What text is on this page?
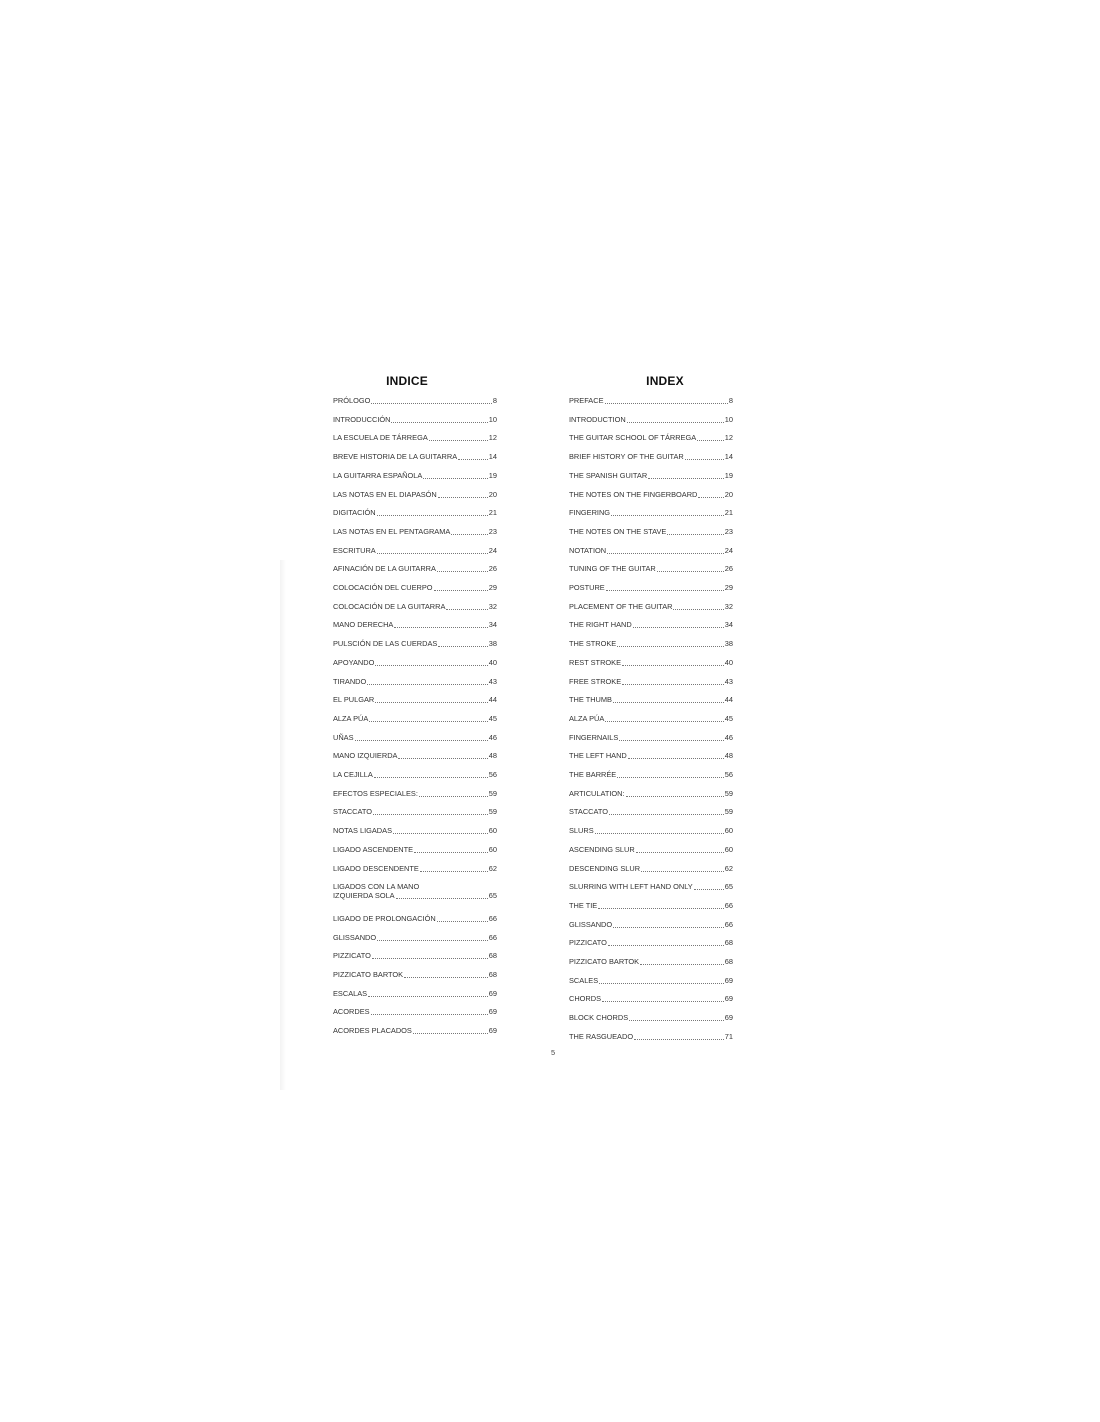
INDICE
PRÓLOGO	8
INTRODUCCIÓN	10
LA ESCUELA DE TÁRREGA	12
BREVE HISTORIA DE LA GUITARRA	14
LA GUITARRA ESPAÑOLA	19
LAS NOTAS EN EL DIAPASÓN	20
DIGITACIÓN	21
LAS NOTAS EN EL PENTAGRAMA	23
ESCRITURA	24
AFINACIÓN DE LA GUITARRA	26
COLOCACIÓN DEL CUERPO	29
COLOCACIÓN DE LA GUITARRA	32
MANO DERECHA	34
PULSCIÓN DE LAS CUERDAS	38
APOYANDO	40
TIRANDO	43
EL PULGAR	44
ALZA PÚA	45
UÑAS	46
MANO IZQUIERDA	48
LA CEJILLA	56
EFECTOS ESPECIALES:	59
STACCATO	59
NOTAS LIGADAS	60
LIGADO ASCENDENTE	60
LIGADO DESCENDENTE	62
LIGADOS CON LA MANO
IZQUIERDA SOLA	65
LIGADO DE PROLONGACIÓN	66
GLISSANDO	66
PIZZICATO	68
PIZZICATO BARTOK	68
ESCALAS	69
ACORDES	69
ACORDES PLACADOS	69
INDEX
PREFACE	8
INTRODUCTION	10
THE GUITAR SCHOOL OF TÁRREGA	12
BRIEF HISTORY OF THE GUITAR	14
THE SPANISH GUITAR	19
THE NOTES ON THE FINGERBOARD	20
FINGERING	21
THE NOTES ON THE STAVE	23
NOTATION	24
TUNING OF THE GUITAR	26
POSTURE	29
PLACEMENT OF THE GUITAR	32
THE RIGHT HAND	34
THE STROKE	38
REST STROKE	40
FREE STROKE	43
THE THUMB	44
ALZA PÚA	45
FINGERNAILS	46
THE LEFT HAND	48
THE BARRÉE	56
ARTICULATION:	59
STACCATO	59
SLURS	60
ASCENDING SLUR	60
DESCENDING SLUR	62
SLURRING WITH LEFT HAND ONLY	65
THE TIE	66
GLISSANDO	66
PIZZICATO	68
PIZZICATO BARTOK	68
SCALES	69
CHORDS	69
BLOCK CHORDS	69
THE RASGUEADO	71
5
